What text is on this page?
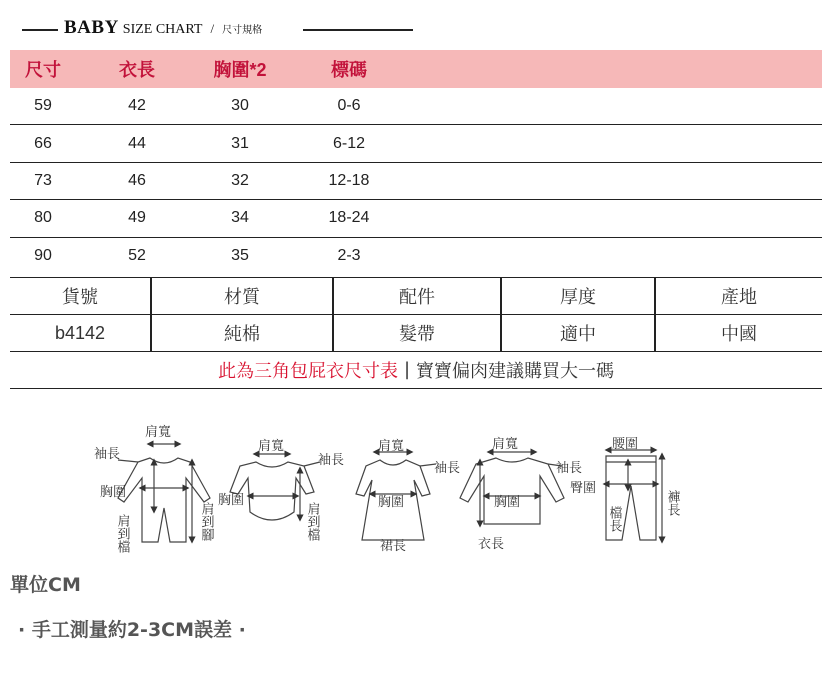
BABY SIZE CHART / 尺寸規格
尺寸	衣長	胸圍*2	標碼
59	42	30	0-6
66	44	31	6-12
73	46	32	12-18
80	49	34	18-24
90	52	35	2-3
貨號	材質	配件	厚度	產地
b4142	純棉	髮帶	適中	中國
此為三角包屁衣尺寸表 | 寶寶偏肉建議購買大一碼
肩寬
袖長
胸圍
肩到檔	肩到腳
肩寬
袖長
胸圍
肩到檔
肩寬
袖長
胸圍
裙長
肩寬
袖長
胸圍
衣長
腰圍
臀圍
檔長
褲長
單位CM
· 手工測量約2-3CM誤差 ·
